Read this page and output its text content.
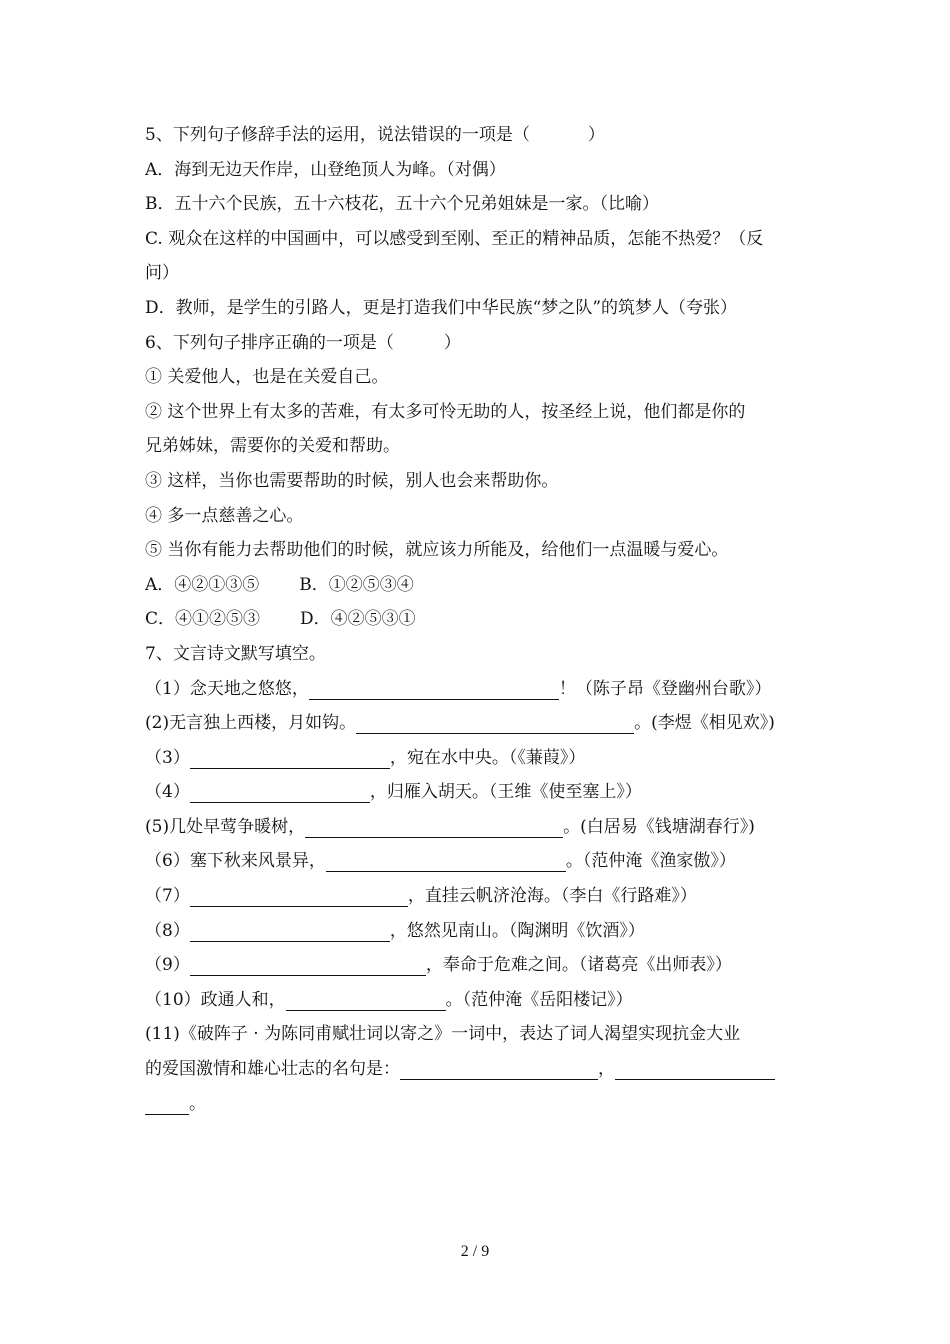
5、下列句子修辞手法的运用，说法错误的一项是（	）
A．海到无边天作岸，山登绝顶人为峰。（对偶）
B．五十六个民族，五十六枝花，五十六个兄弟姐妹是一家。（比喻）
C. 观众在这样的中国画中，可以感受到至刚、至正的精神品质，怎能不热爱？（反
问）
D．教师，是学生的引路人，更是打造我们中华民族“梦之队”的筑梦人（夸张）
6、下列句子排序正确的一项是（	）
① 关爱他人，也是在关爱自己。
② 这个世界上有太多的苦难，有太多可怜无助的人，按圣经上说，他们都是你的
兄弟姊妹，需要你的关爱和帮助。
③ 这样，当你也需要帮助的时候，别人也会来帮助你。
④ 多一点慈善之心。
⑤ 当你有能力去帮助他们的时候，就应该力所能及，给他们一点温暖与爱心。
A．④②①③⑤ B．①②⑤③④
C．④①②⑤③ D．④②⑤③①
7、文言诗文默写填空。
（1）念天地之悠悠，	！（陈子昂《登幽州台歌》）
(2)无言独上西楼，月如钩。	。(李煜《相见欢》)
（3）	，宛在水中央。（《蒹葭》）
（4）	，归雁入胡天。（王维《使至塞上》）
(5)几处早莺争暖树，	。(白居易《钱塘湖春行》)
（6）塞下秋来风景异，	。（范仲淹《渔家傲》）
（7）	，直挂云帆济沧海。（李白《行路难》）
（8）	，悠然见南山。（陶渊明《饮酒》）
（9）	，奉命于危难之间。（诸葛亮《出师表》）
（10）政通人和，	。（范仲淹《岳阳楼记》）
(11)《破阵子 · 为陈同甫赋壮词以寄之》一词中，表达了词人渴望实现抗金大业
的爱国激情和雄心壮志的名句是：	，
。
2 / 9
